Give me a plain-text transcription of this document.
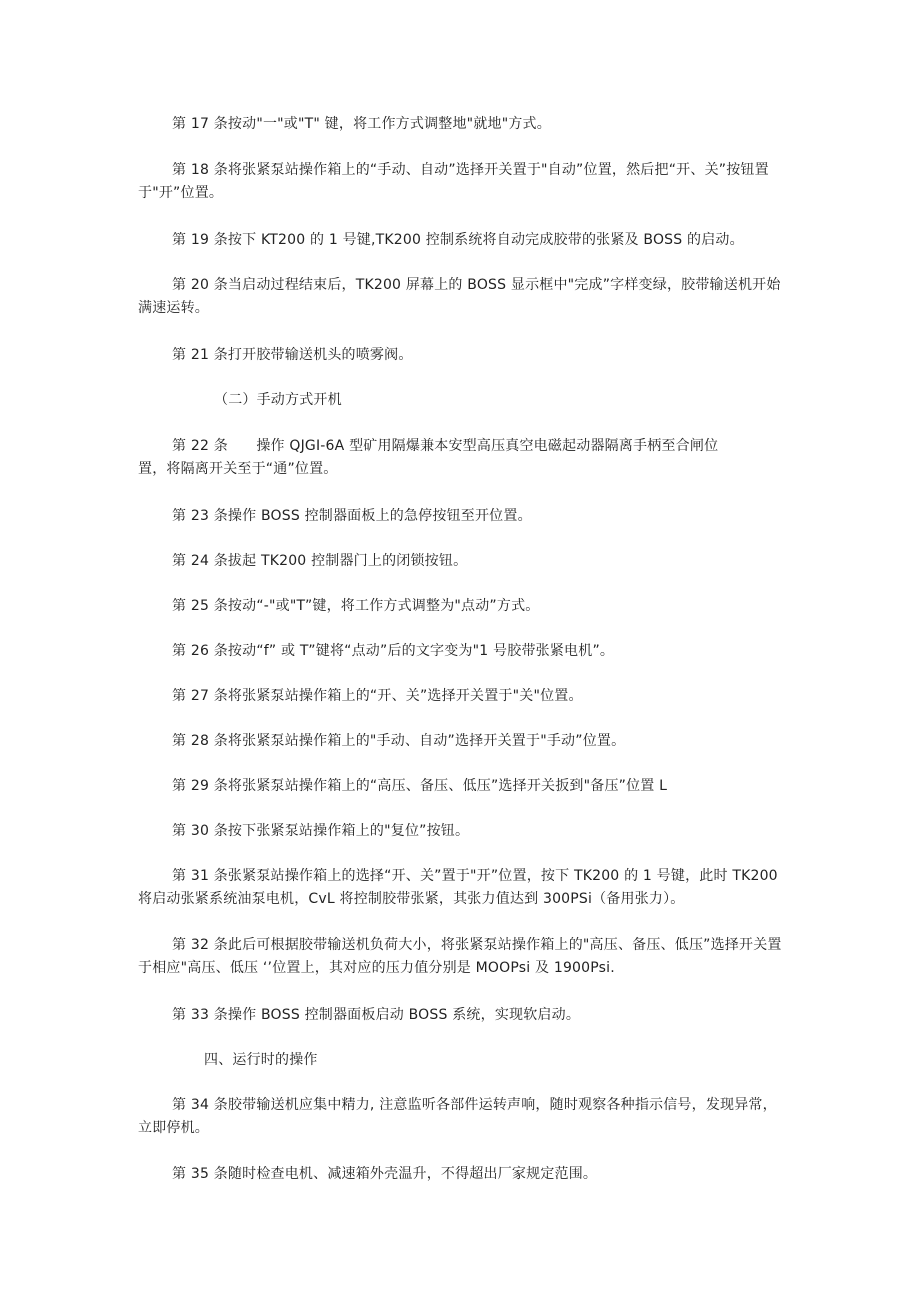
第 17 条按动"一"或"T" 键，将工作方式调整地"就地"方式。
第 18 条将张紧泵站操作箱上的“手动、自动”选择开关置于"自动”位置，然后把“开、关”按钮置于"开”位置。
第 19 条按下 KT200 的 1 号键,TK200 控制系统将自动完成胶带的张紧及 BOSS 的启动。
第 20 条当启动过程结束后，TK200 屏幕上的 BOSS 显示框中"完成”字样变绿，胶带输送机开始满速运转。
第 21 条打开胶带输送机头的喷雾阀。
（二）手动方式开机
第 22 条　　操作 QJGI-6A 型矿用隔爆兼本安型高压真空电磁起动器隔离手柄至合闸位
置，将隔离开关至于“通”位置。
第 23 条操作 BOSS 控制器面板上的急停按钮至开位置。
第 24 条拔起 TK200 控制器门上的闭锁按钮。
第 25 条按动“-"或"T”键，将工作方式调整为"点动”方式。
第 26 条按动“f” 或 T”键将“点动”后的文字变为"1 号胶带张紧电机”。
第 27 条将张紧泵站操作箱上的“开、关”选择开关置于"关"位置。
第 28 条将张紧泵站操作箱上的"手动、自动”选择开关置于"手动”位置。
第 29 条将张紧泵站操作箱上的“高压、备压、低压”选择开关扳到"备压”位置 L
第 30 条按下张紧泵站操作箱上的"复位”按钮。
第 31 条张紧泵站操作箱上的选择“开、关”置于"开”位置，按下 TK200 的 1 号键，此时 TK200 将启动张紧系统油泵电机，CvL 将控制胶带张紧，其张力值达到 300PSi（备用张力）。
第 32 条此后可根据胶带输送机负荷大小，将张紧泵站操作箱上的"高压、备压、低压”选择开关置于相应"高压、低压 ‘’位置上，其对应的压力值分别是 MOOPsi 及 1900Psi.
第 33 条操作 BOSS 控制器面板启动 BOSS 系统，实现软启动。
四、运行时的操作
第 34 条胶带输送机应集中精力, 注意监听各部件运转声响，随时观察各种指示信号，发现异常，立即停机。
第 35 条随时检查电机、减速箱外壳温升，不得超出厂家规定范围。
